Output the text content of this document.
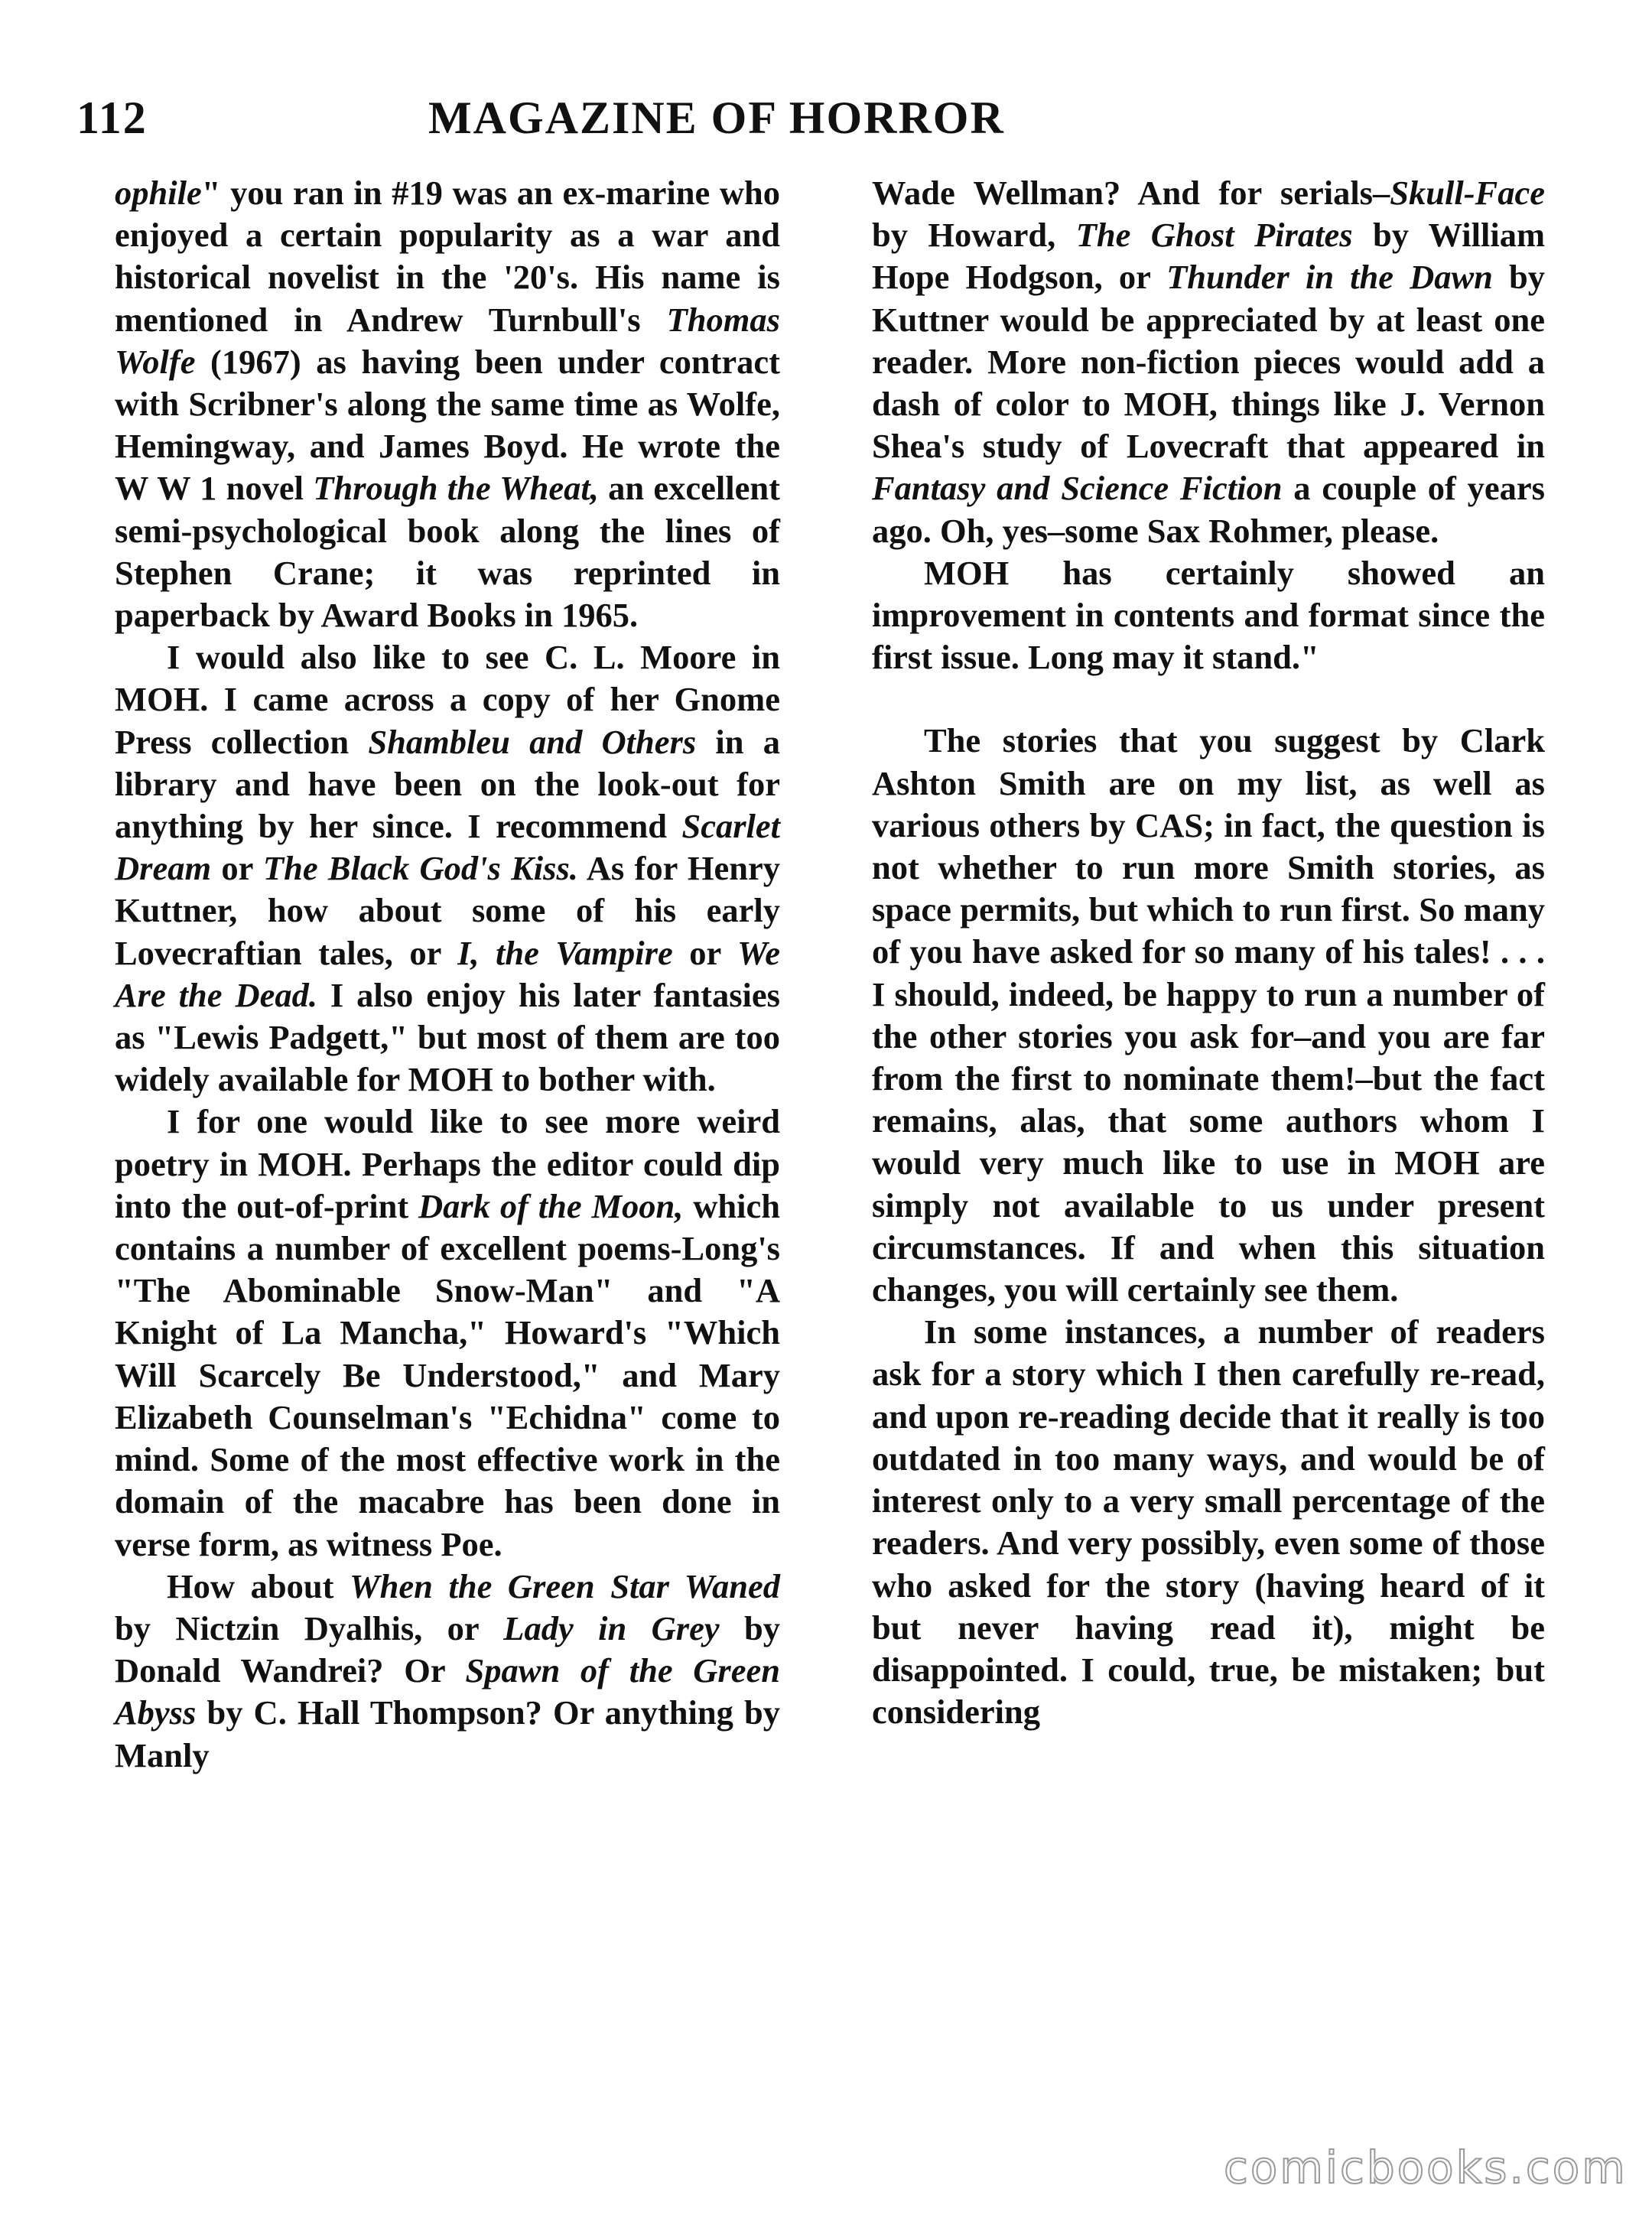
112	MAGAZINE OF HORROR

ophile" you ran in #19 was an ex-marine who enjoyed a certain popularity as a war and historical novelist in the '20's. His name is mentioned in Andrew Turnbull's Thomas Wolfe (1967) as having been under contract with Scribner's along the same time as Wolfe, Hemingway, and James Boyd. He wrote the W W 1 novel Through the Wheat, an excellent semi-psychological book along the lines of Stephen Crane; it was reprinted in paperback by Award Books in 1965.

I would also like to see C. L. Moore in MOH. I came across a copy of her Gnome Press collection Shambleu and Others in a library and have been on the look-out for anything by her since. I recommend Scarlet Dream or The Black God's Kiss. As for Henry Kuttner, how about some of his early Lovecraftian tales, or I, the Vampire or We Are the Dead. I also enjoy his later fantasies as "Lewis Padgett," but most of them are too widely available for MOH to bother with.

I for one would like to see more weird poetry in MOH. Perhaps the editor could dip into the out-of-print Dark of the Moon, which contains a number of excellent poems-Long's "The Abominable Snow-Man" and "A Knight of La Mancha," Howard's "Which Will Scarcely Be Understood," and Mary Elizabeth Counselman's "Echidna" come to mind. Some of the most effective work in the domain of the macabre has been done in verse form, as witness Poe.

How about When the Green Star Waned by Nictzin Dyalhis, or Lady in Grey by Donald Wandrei? Or Spawn of the Green Abyss by C. Hall Thompson? Or anything by Manly

Wade Wellman? And for serials–Skull-Face by Howard, The Ghost Pirates by William Hope Hodgson, or Thunder in the Dawn by Kuttner would be appreciated by at least one reader. More non-fiction pieces would add a dash of color to MOH, things like J. Vernon Shea's study of Lovecraft that appeared in Fantasy and Science Fiction a couple of years ago. Oh, yes–some Sax Rohmer, please.

MOH has certainly showed an improvement in contents and format since the first issue. Long may it stand."

The stories that you suggest by Clark Ashton Smith are on my list, as well as various others by CAS; in fact, the question is not whether to run more Smith stories, as space permits, but which to run first. So many of you have asked for so many of his tales! . . . I should, indeed, be happy to run a number of the other stories you ask for–and you are far from the first to nominate them!–but the fact remains, alas, that some authors whom I would very much like to use in MOH are simply not available to us under present circumstances. If and when this situation changes, you will certainly see them.

In some instances, a number of readers ask for a story which I then carefully re-read, and upon re-reading decide that it really is too outdated in too many ways, and would be of interest only to a very small percentage of the readers. And very possibly, even some of those who asked for the story (having heard of it but never having read it), might be disappointed. I could, true, be mistaken; but considering

comicbooks.com
